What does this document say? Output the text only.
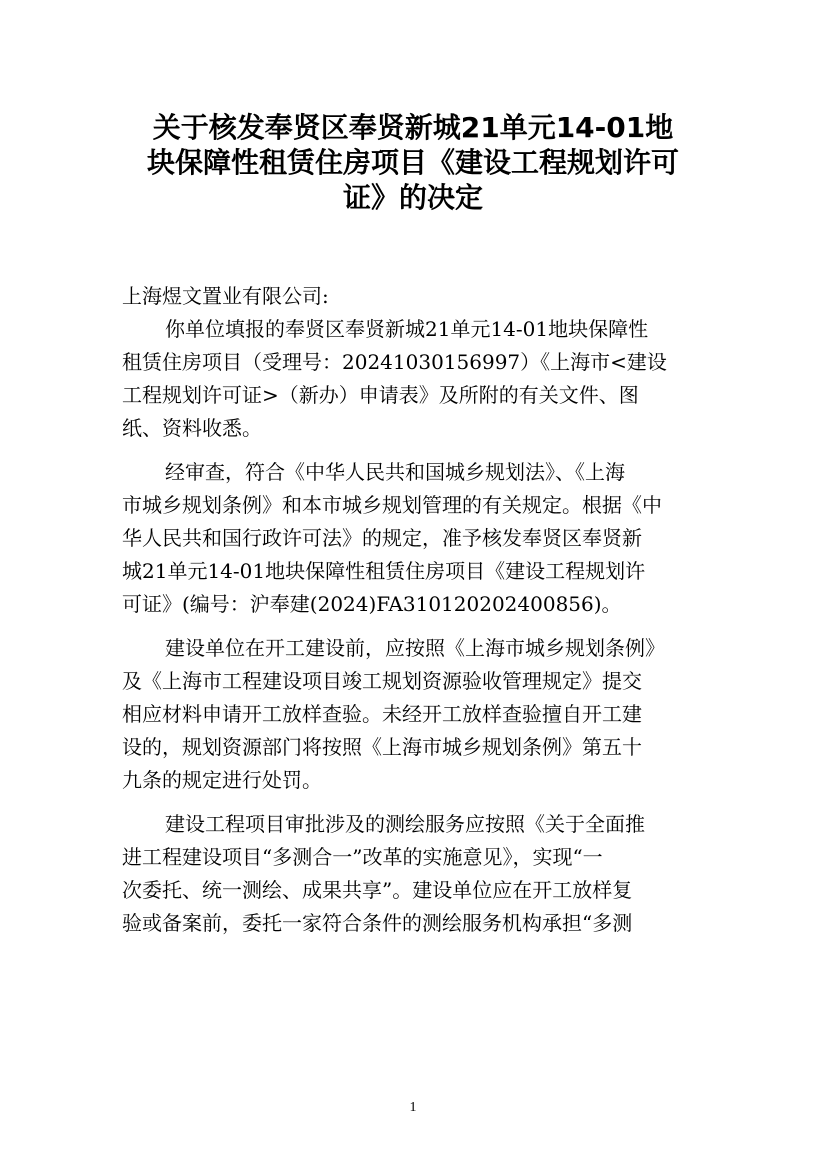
关于核发奉贤区奉贤新城21单元14-01地
块保障性租赁住房项目《建设工程规划许可
证》的决定
上海煜文置业有限公司:
你单位填报的奉贤区奉贤新城21单元14-01地块保障性
租赁住房项目（受理号：20241030156997）《上海市<建设
工程规划许可证>（新办）申请表》及所附的有关文件、图
纸、资料收悉。
经审查，符合《中华人民共和国城乡规划法》、《上海
市城乡规划条例》和本市城乡规划管理的有关规定。根据《中
华人民共和国行政许可法》的规定，准予核发奉贤区奉贤新
城21单元14-01地块保障性租赁住房项目《建设工程规划许
可证》(编号：沪奉建(2024)FA310120202400856)。
建设单位在开工建设前，应按照《上海市城乡规划条例》
及《上海市工程建设项目竣工规划资源验收管理规定》提交
相应材料申请开工放样查验。未经开工放样查验擅自开工建
设的，规划资源部门将按照《上海市城乡规划条例》第五十
九条的规定进行处罚。
建设工程项目审批涉及的测绘服务应按照《关于全面推
进工程建设项目“多测合一”改革的实施意见》，实现“一
次委托、统一测绘、成果共享”。建设单位应在开工放样复
验或备案前，委托一家符合条件的测绘服务机构承担“多测
1
